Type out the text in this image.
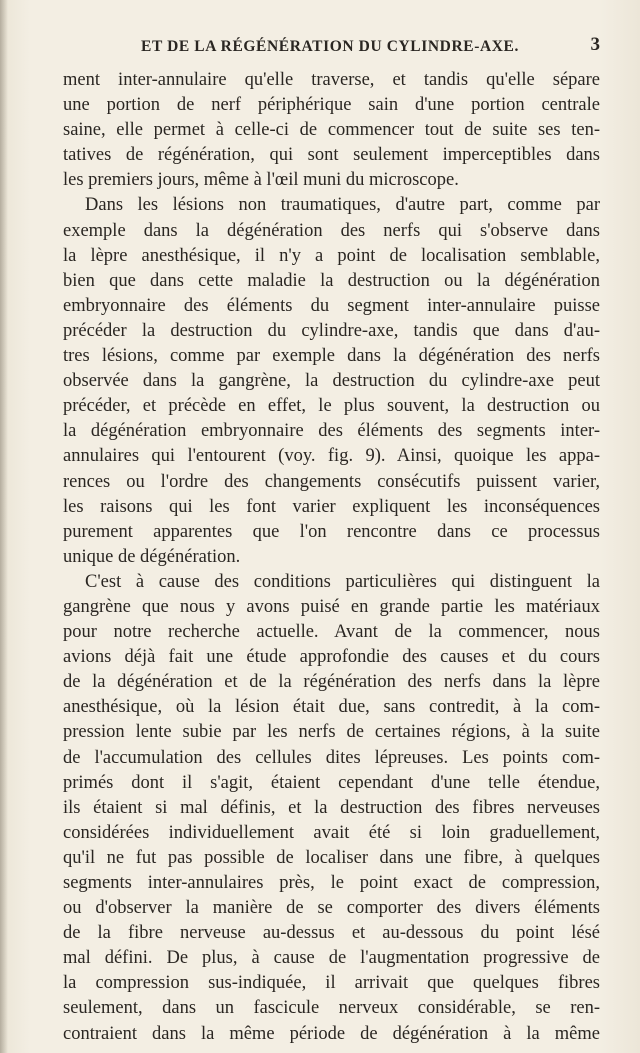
ET DE LA RÉGÉNÉRATION DU CYLINDRE-AXE.	3
ment inter-annulaire qu'elle traverse, et tandis qu'elle sépare
une portion de nerf périphérique sain d'une portion centrale
saine, elle permet à celle-ci de commencer tout de suite ses ten-
tatives de régénération, qui sont seulement imperceptibles dans
les premiers jours, même à l'œil muni du microscope.
Dans les lésions non traumatiques, d'autre part, comme par
exemple dans la dégénération des nerfs qui s'observe dans
la lèpre anesthésique, il n'y a point de localisation semblable,
bien que dans cette maladie la destruction ou la dégénération
embryonnaire des éléments du segment inter-annulaire puisse
précéder la destruction du cylindre-axe, tandis que dans d'au-
tres lésions, comme par exemple dans la dégénération des nerfs
observée dans la gangrène, la destruction du cylindre-axe peut
précéder, et précède en effet, le plus souvent, la destruction ou
la dégénération embryonnaire des éléments des segments inter-
annulaires qui l'entourent (voy. fig. 9). Ainsi, quoique les appa-
rences ou l'ordre des changements consécutifs puissent varier,
les raisons qui les font varier expliquent les inconséquences
purement apparentes que l'on rencontre dans ce processus
unique de dégénération.
C'est à cause des conditions particulières qui distinguent la
gangrène que nous y avons puisé en grande partie les matériaux
pour notre recherche actuelle. Avant de la commencer, nous
avions déjà fait une étude approfondie des causes et du cours
de la dégénération et de la régénération des nerfs dans la lèpre
anesthésique, où la lésion était due, sans contredit, à la com-
pression lente subie par les nerfs de certaines régions, à la suite
de l'accumulation des cellules dites lépreuses. Les points com-
primés dont il s'agit, étaient cependant d'une telle étendue,
ils étaient si mal définis, et la destruction des fibres nerveuses
considérées individuellement avait été si loin graduellement,
qu'il ne fut pas possible de localiser dans une fibre, à quelques
segments inter-annulaires près, le point exact de compression,
ou d'observer la manière de se comporter des divers éléments
de la fibre nerveuse au-dessus et au-dessous du point lésé
mal défini. De plus, à cause de l'augmentation progressive de
la compression sus-indiquée, il arrivait que quelques fibres
seulement, dans un fascicule nerveux considérable, se ren-
contraient dans la même période de dégénération à la même
